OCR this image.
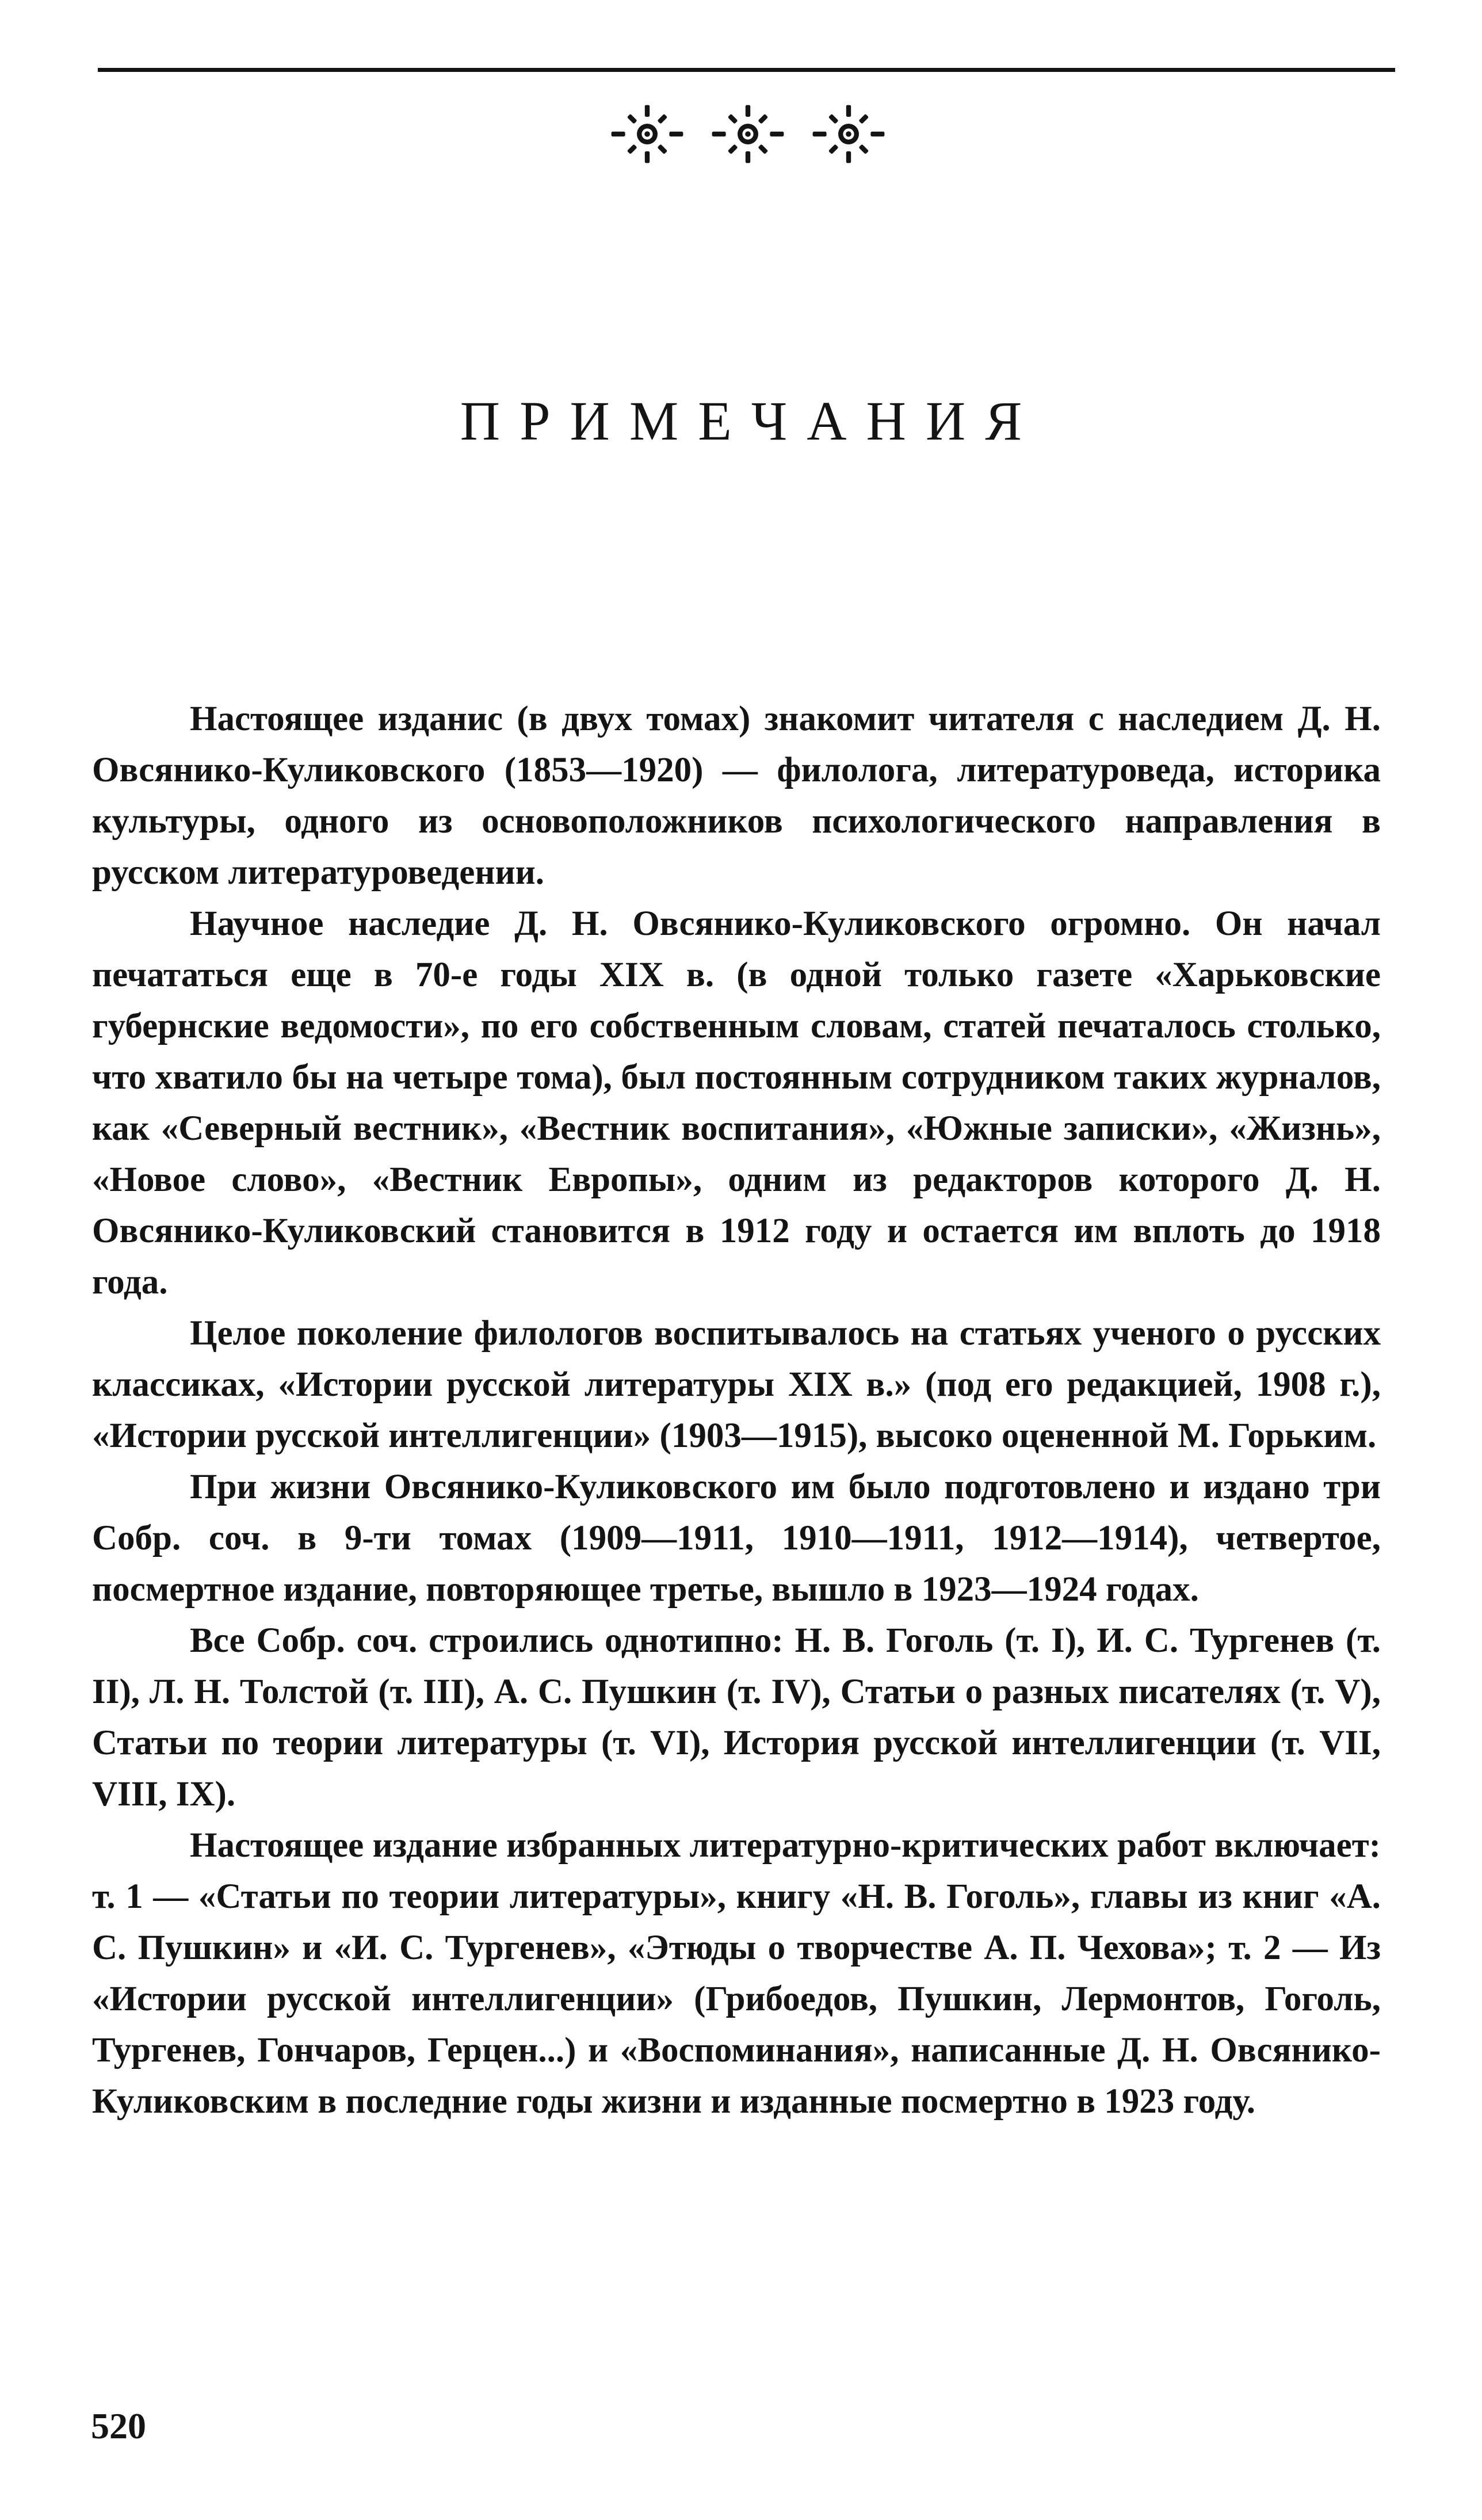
ПРИМЕЧАНИЯ

Настоящее изданис (в двух томах) знакомит читателя с наследием Д. Н. Овсянико-Куликовского (1853—1920) — филолога, литературоведа, историка культуры, одного из основоположников психологического направления в русском литературоведении.

Научное наследие Д. Н. Овсянико-Куликовского огромно. Он начал печататься еще в 70-е годы XIX в. (в одной только газете «Харьковские губернские ведомости», по его собственным словам, статей печаталось столько, что хватило бы на четыре тома), был постоянным сотрудником таких журналов, как «Северный вестник», «Вестник воспитания», «Южные записки», «Жизнь», «Новое слово», «Вестник Европы», одним из редакторов которого Д. Н. Овсянико-Куликовский становится в 1912 году и остается им вплоть до 1918 года.

Целое поколение филологов воспитывалось на статьях ученого о русских классиках, «Истории русской литературы XIX в.» (под его редакцией, 1908 г.), «Истории русской интеллигенции» (1903—1915), высоко оцененной М. Горьким.

При жизни Овсянико-Куликовского им было подготовлено и издано три Собр. соч. в 9-ти томах (1909—1911, 1910—1911, 1912—1914), четвертое, посмертное издание, повторяющее третье, вышло в 1923—1924 годах.

Все Собр. соч. строились однотипно: Н. В. Гоголь (т. I), И. С. Тургенев (т. II), Л. Н. Толстой (т. III), А. С. Пушкин (т. IV), Статьи о разных писателях (т. V), Статьи по теории литературы (т. VI), История русской интеллигенции (т. VII, VIII, IX).

Настоящее издание избранных литературно-критических работ включает: т. 1 — «Статьи по теории литературы», книгу «Н. В. Гоголь», главы из книг «А. С. Пушкин» и «И. С. Тургенев», «Этюды о творчестве А. П. Чехова»; т. 2 — Из «Истории русской интеллигенции» (Грибоедов, Пушкин, Лермонтов, Гоголь, Тургенев, Гончаров, Герцен...) и «Воспоминания», написанные Д. Н. Овсянико-Куликовским в последние годы жизни и изданные посмертно в 1923 году.

520
